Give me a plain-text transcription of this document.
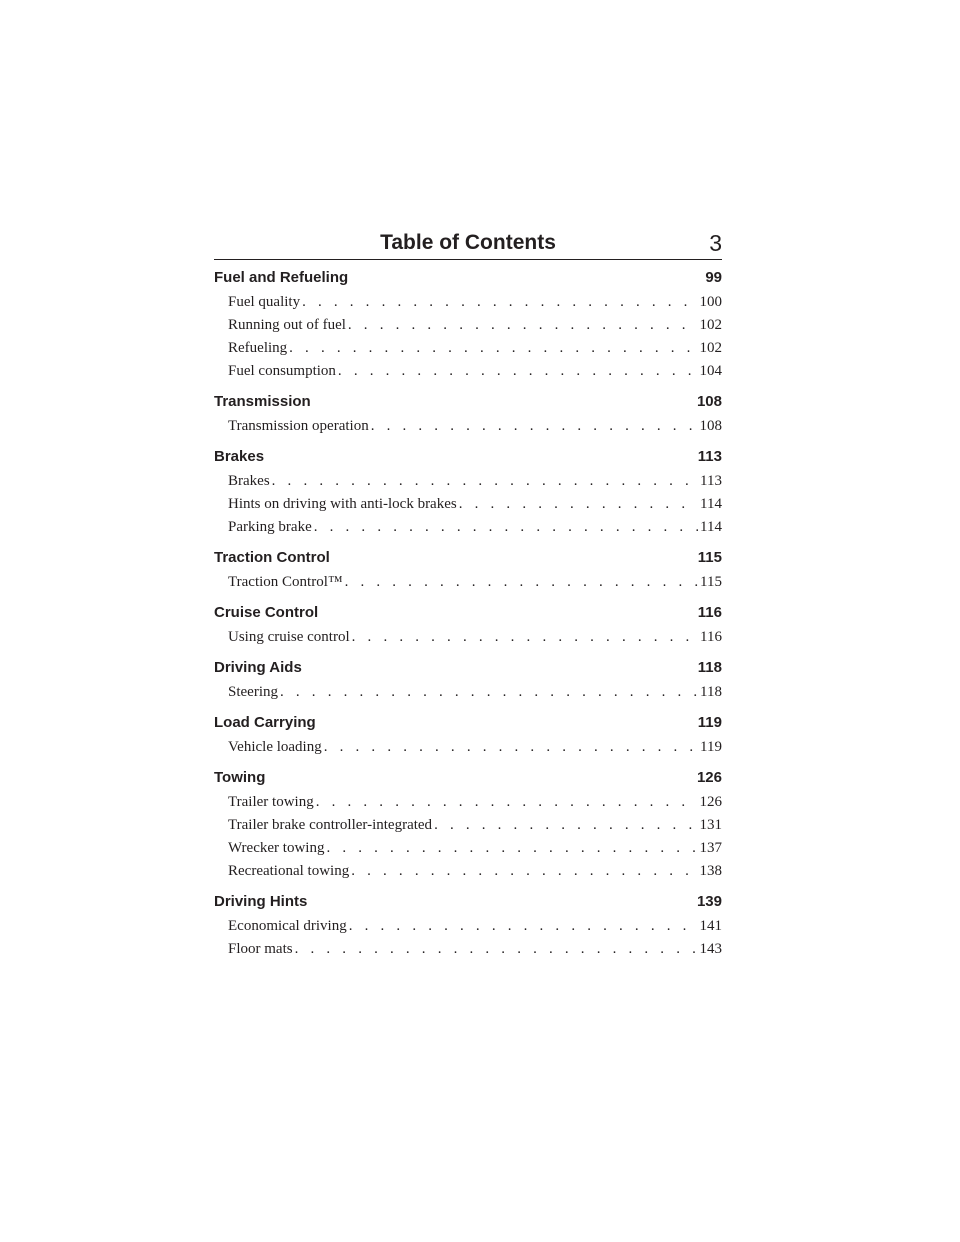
Table of Contents	3
Fuel and Refueling	99
Fuel quality . . .	100
Running out of fuel . . .	102
Refueling . . .	102
Fuel consumption . . .	104
Transmission	108
Transmission operation . . .	108
Brakes	113
Brakes . . .	113
Hints on driving with anti-lock brakes . . .	114
Parking brake . . .	114
Traction Control	115
Traction Control™ . . .	115
Cruise Control	116
Using cruise control . . .	116
Driving Aids	118
Steering . . .	118
Load Carrying	119
Vehicle loading . . .	119
Towing	126
Trailer towing . . .	126
Trailer brake controller-integrated . . .	131
Wrecker towing . . .	137
Recreational towing . . .	138
Driving Hints	139
Economical driving . . .	141
Floor mats . . .	143
